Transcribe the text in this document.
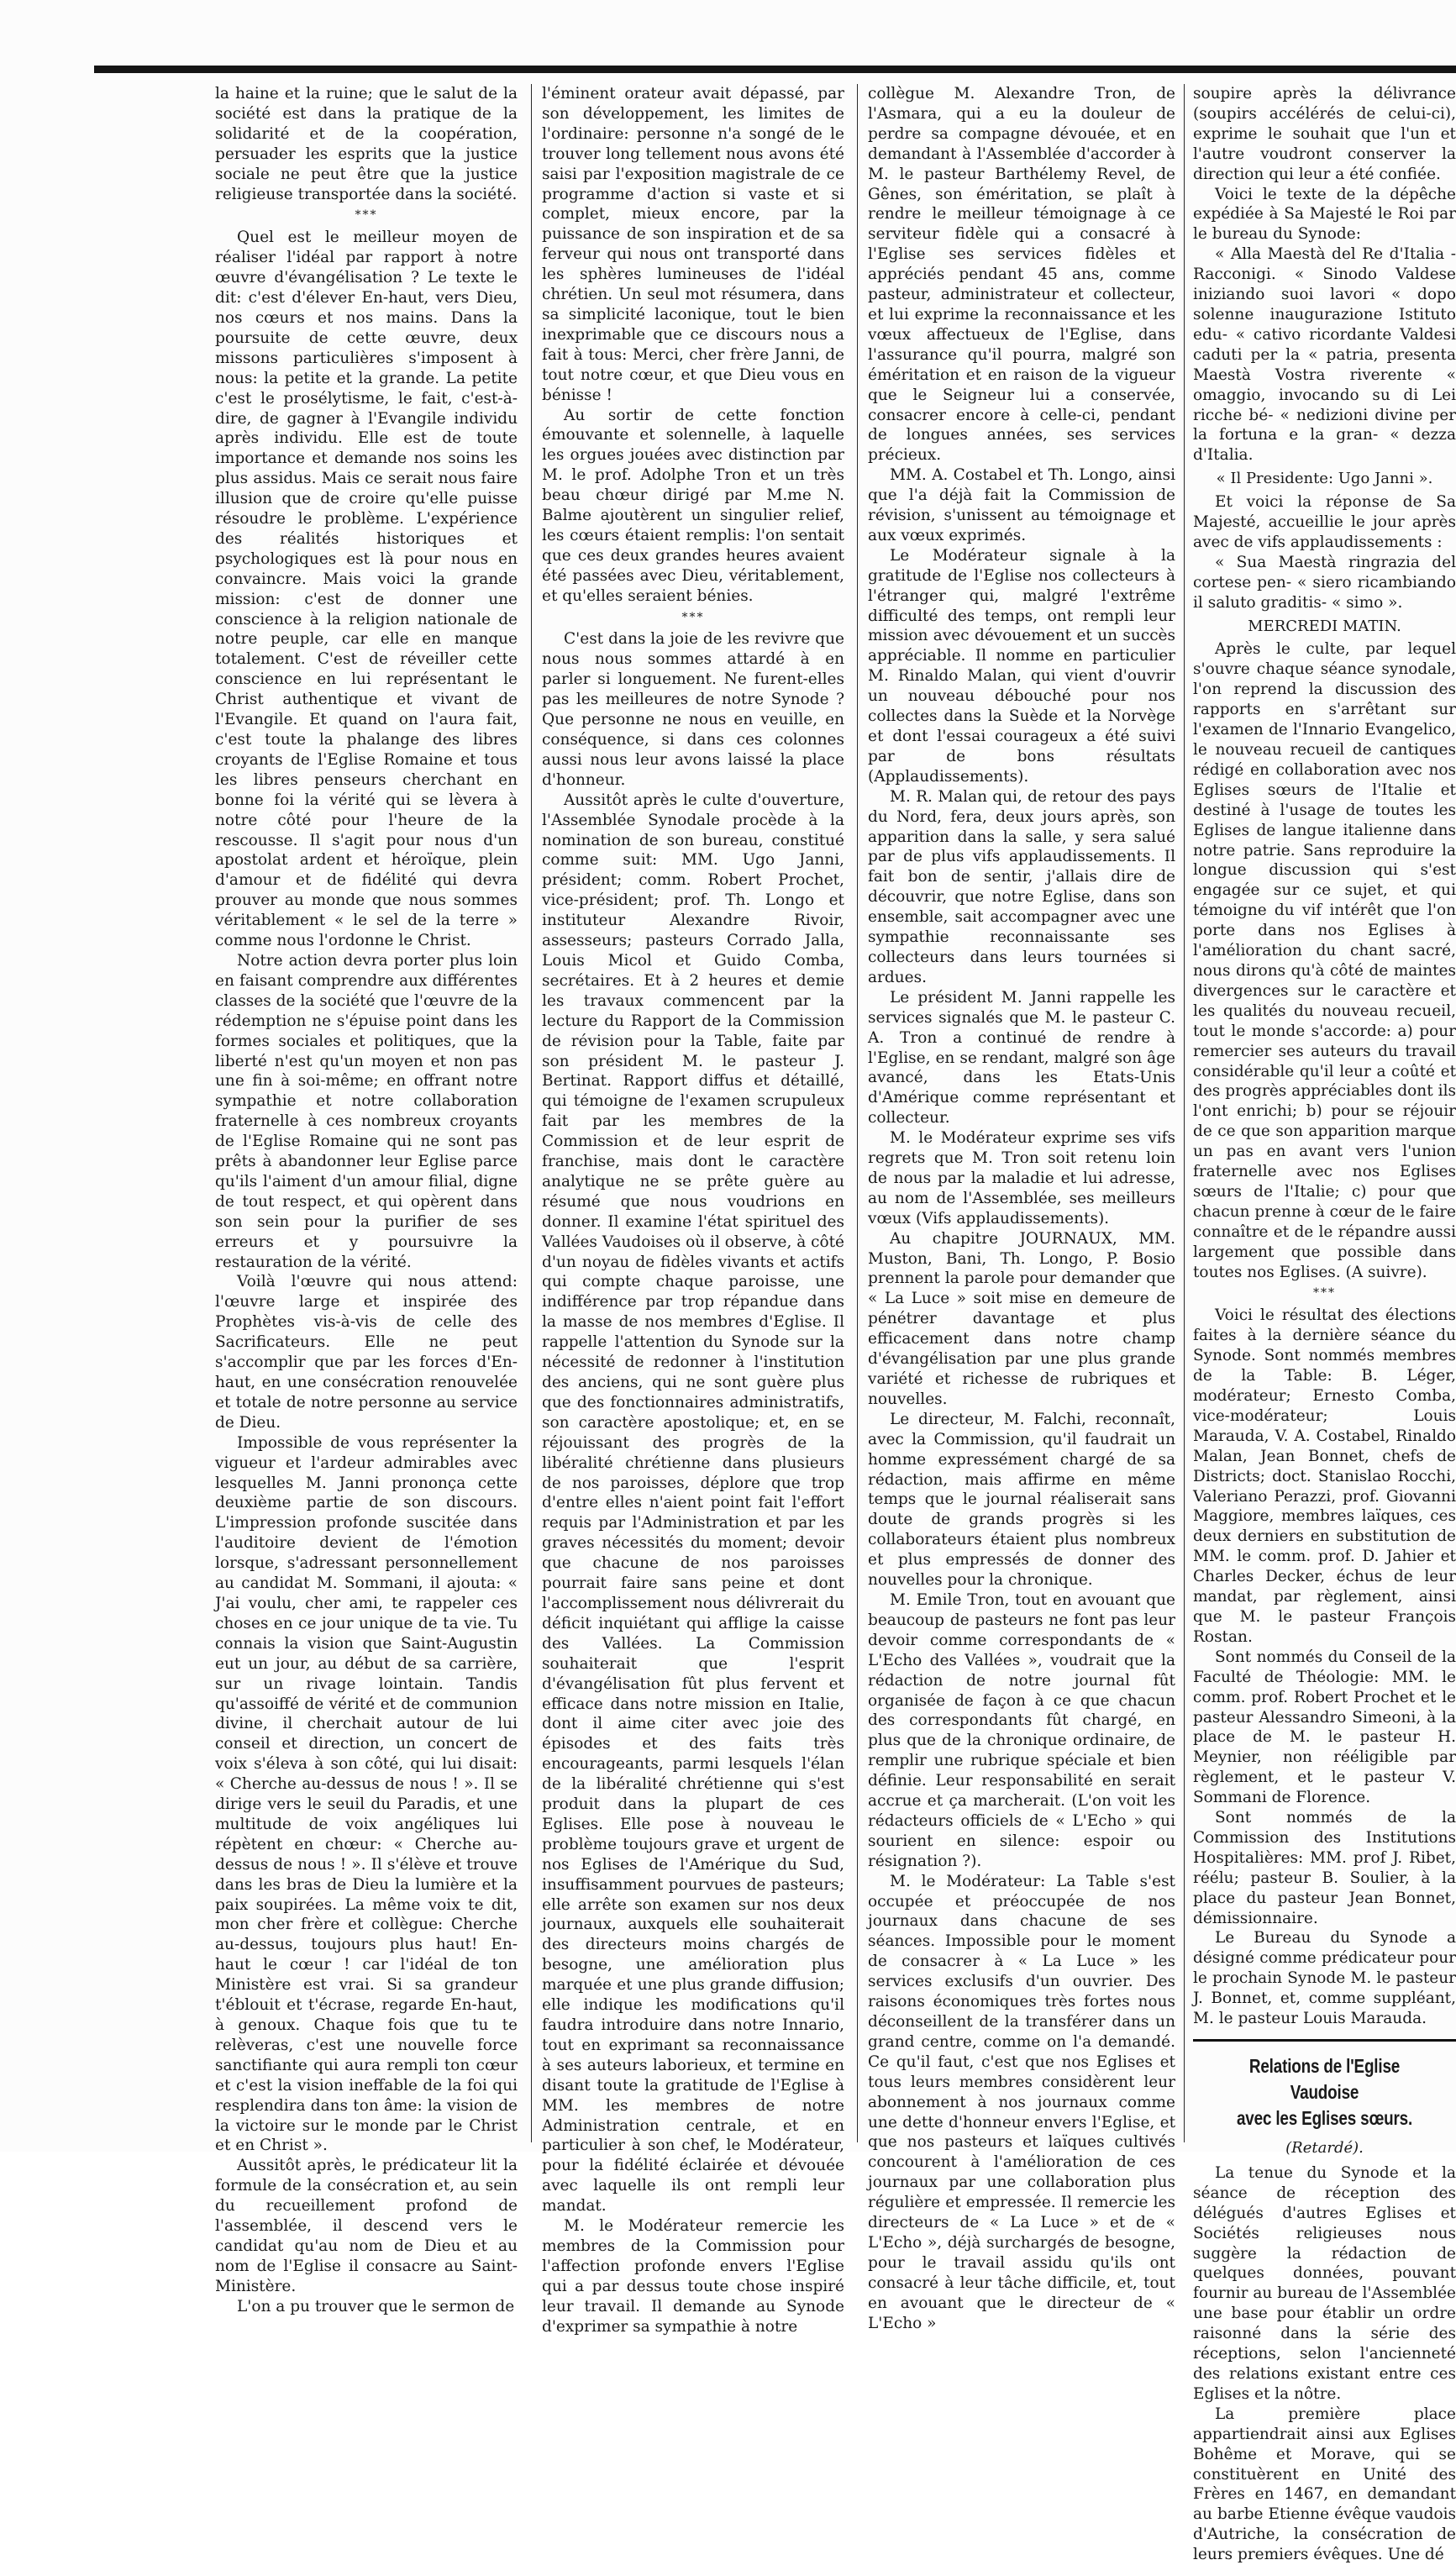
la haine et la ruine; que le salut de la société est dans la pratique de la solidarité et de la coopération, persuader les esprits que la justice sociale ne peut être que la justice religieuse transportée dans la société.

***

Quel est le meilleur moyen de réaliser l'idéal par rapport à notre œuvre d'évangélisation ? Le texte le dit: c'est d'élever En-haut, vers Dieu, nos cœurs et nos mains. Dans la poursuite de cette œuvre, deux missons particulières s'imposent à nous: la petite et la grande. La petite c'est le prosélytisme, le fait, c'est-à-dire, de gagner à l'Evangile individu après individu. Elle est de toute importance et demande nos soins les plus assidus. Mais ce serait nous faire illusion que de croire qu'elle puisse résoudre le problème. L'expérience des réalités historiques et psychologiques est là pour nous en convaincre. Mais voici la grande mission: c'est de donner une conscience à la religion nationale de notre peuple, car elle en manque totalement. C'est de réveiller cette conscience en lui représentant le Christ authentique et vivant de l'Evangile. Et quand on l'aura fait, c'est toute la phalange des libres croyants de l'Eglise Romaine et tous les libres penseurs cherchant en bonne foi la vérité qui se lèvera à notre côté pour l'heure de la rescousse. Il s'agit pour nous d'un apostolat ardent et héroïque, plein d'amour et de fidélité qui devra prouver au monde que nous sommes véritablement « le sel de la terre » comme nous l'ordonne le Christ.

Notre action devra porter plus loin en faisant comprendre aux différentes classes de la société que l'œuvre de la rédemption ne s'épuise point dans les formes sociales et politiques, que la liberté n'est qu'un moyen et non pas une fin à soi-même; en offrant notre sympathie et notre collaboration fraternelle à ces nombreux croyants de l'Eglise Romaine qui ne sont pas prêts à abandonner leur Eglise parce qu'ils l'aiment d'un amour filial, digne de tout respect, et qui opèrent dans son sein pour la purifier de ses erreurs et y poursuivre la restauration de la vérité.

Voilà l'œuvre qui nous attend: l'œuvre large et inspirée des Prophètes vis-à-vis de celle des Sacrificateurs. Elle ne peut s'accomplir que par les forces d'En-haut, en une consécration renouvelée et totale de notre personne au service de Dieu.

Impossible de vous représenter la vigueur et l'ardeur admirables avec lesquelles M. Janni prononça cette deuxième partie de son discours. L'impression profonde suscitée dans l'auditoire devient de l'émotion lorsque, s'adressant personnellement au candidat M. Sommani, il ajouta: « J'ai voulu, cher ami, te rappeler ces choses en ce jour unique de ta vie. Tu connais la vision que Saint-Augustin eut un jour, au début de sa carrière, sur un rivage lointain. Tandis qu'assoiffé de vérité et de communion divine, il cherchait autour de lui conseil et direction, un concert de voix s'éleva à son côté, qui lui disait: « Cherche au-dessus de nous ! ». Il se dirige vers le seuil du Paradis, et une multitude de voix angéliques lui répètent en chœur: « Cherche au-dessus de nous ! ». Il s'élève et trouve dans les bras de Dieu la lumière et la paix soupirées. La même voix te dit, mon cher frère et collègue: Cherche au-dessus, toujours plus haut! En-haut le cœur ! car l'idéal de ton Ministère est vrai. Si sa grandeur t'éblouit et t'écrase, regarde En-haut, à genoux. Chaque fois que tu te relèveras, c'est une nouvelle force sanctifiante qui aura rempli ton cœur et c'est la vision ineffable de la foi qui resplendira dans ton âme: la vision de la victoire sur le monde par le Christ et en Christ ».

Aussitôt après, le prédicateur lit la formule de la consécration et, au sein du recueillement profond de l'assemblée, il descend vers le candidat qu'au nom de Dieu et au nom de l'Eglise il consacre au Saint-Ministère.

L'on a pu trouver que le sermon de

l'éminent orateur avait dépassé, par son développement, les limites de l'ordinaire: personne n'a songé de le trouver long tellement nous avons été saisi par l'exposition magistrale de ce programme d'action si vaste et si complet, mieux encore, par la puissance de son inspiration et de sa ferveur qui nous ont transporté dans les sphères lumineuses de l'idéal chrétien. Un seul mot résumera, dans sa simplicité laconique, tout le bien inexprimable que ce discours nous a fait à tous: Merci, cher frère Janni, de tout notre cœur, et que Dieu vous en bénisse !

Au sortir de cette fonction émouvante et solennelle, à laquelle les orgues jouées avec distinction par M. le prof. Adolphe Tron et un très beau chœur dirigé par M.me N. Balme ajoutèrent un singulier relief, les cœurs étaient remplis: l'on sentait que ces deux grandes heures avaient été passées avec Dieu, véritablement, et qu'elles seraient bénies.

***

C'est dans la joie de les revivre que nous nous sommes attardé à en parler si longuement. Ne furent-elles pas les meilleures de notre Synode ? Que personne ne nous en veuille, en conséquence, si dans ces colonnes aussi nous leur avons laissé la place d'honneur.

Aussitôt après le culte d'ouverture, l'Assemblée Synodale procède à la nomination de son bureau, constitué comme suit: MM. Ugo Janni, président; comm. Robert Prochet, vice-président; prof. Th. Longo et instituteur Alexandre Rivoir, assesseurs; pasteurs Corrado Jalla, Louis Micol et Guido Comba, secrétaires. Et à 2 heures et demie les travaux commencent par la lecture du Rapport de la Commission de révision pour la Table, faite par son président M. le pasteur J. Bertinat. Rapport diffus et détaillé, qui témoigne de l'examen scrupuleux fait par les membres de la Commission et de leur esprit de franchise, mais dont le caractère analytique ne se prête guère au résumé que nous voudrions en donner. Il examine l'état spirituel des Vallées Vaudoises où il observe, à côté d'un noyau de fidèles vivants et actifs qui compte chaque paroisse, une indifférence par trop répandue dans la masse de nos membres d'Eglise. Il rappelle l'attention du Synode sur la nécessité de redonner à l'institution des anciens, qui ne sont guère plus que des fonctionnaires administratifs, son caractère apostolique; et, en se réjouissant des progrès de la libéralité chrétienne dans plusieurs de nos paroisses, déplore que trop d'entre elles n'aient point fait l'effort requis par l'Administration et par les graves nécessités du moment; devoir que chacune de nos paroisses pourrait faire sans peine et dont l'accomplissement nous délivrerait du déficit inquiétant qui afflige la caisse des Vallées. La Commission souhaiterait que l'esprit d'évangélisation fût plus fervent et efficace dans notre mission en Italie, dont il aime citer avec joie des épisodes et des faits très encourageants, parmi lesquels l'élan de la libéralité chrétienne qui s'est produit dans la plupart de ces Eglises. Elle pose à nouveau le problème toujours grave et urgent de nos Eglises de l'Amérique du Sud, insuffisamment pourvues de pasteurs; elle arrête son examen sur nos deux journaux, auxquels elle souhaiterait des directeurs moins chargés de besogne, une amélioration plus marquée et une plus grande diffusion; elle indique les modifications qu'il faudra introduire dans notre Innario, tout en exprimant sa reconnaissance à ses auteurs laborieux, et termine en disant toute la gratitude de l'Eglise à MM. les membres de notre Administration centrale, et en particulier à son chef, le Modérateur, pour la fidélité éclairée et dévouée avec laquelle ils ont rempli leur mandat.

M. le Modérateur remercie les membres de la Commission pour l'affection profonde envers l'Eglise qui a par dessus toute chose inspiré leur travail. Il demande au Synode d'exprimer sa sympathie à notre

collègue M. Alexandre Tron, de l'Asmara, qui a eu la douleur de perdre sa compagne dévouée, et en demandant à l'Assemblée d'accorder à M. le pasteur Barthélemy Revel, de Gênes, son éméritation, se plaît à rendre le meilleur témoignage à ce serviteur fidèle qui a consacré à l'Eglise ses services fidèles et appréciés pendant 45 ans, comme pasteur, administrateur et collecteur, et lui exprime la reconnaissance et les vœux affectueux de l'Eglise, dans l'assurance qu'il pourra, malgré son éméritation et en raison de la vigueur que le Seigneur lui a conservée, consacrer encore à celle-ci, pendant de longues années, ses services précieux.

MM. A. Costabel et Th. Longo, ainsi que l'a déjà fait la Commission de révision, s'unissent au témoignage et aux vœux exprimés.

Le Modérateur signale à la gratitude de l'Eglise nos collecteurs à l'étranger qui, malgré l'extrême difficulté des temps, ont rempli leur mission avec dévouement et un succès appréciable. Il nomme en particulier M. Rinaldo Malan, qui vient d'ouvrir un nouveau débouché pour nos collectes dans la Suède et la Norvège et dont l'essai courageux a été suivi par de bons résultats (Applaudissements).

M. R. Malan qui, de retour des pays du Nord, fera, deux jours après, son apparition dans la salle, y sera salué par de plus vifs applaudissements. Il fait bon de sentir, j'allais dire de découvrir, que notre Eglise, dans son ensemble, sait accompagner avec une sympathie reconnaissante ses collecteurs dans leurs tournées si ardues.

Le président M. Janni rappelle les services signalés que M. le pasteur C. A. Tron a continué de rendre à l'Eglise, en se rendant, malgré son âge avancé, dans les Etats-Unis d'Amérique comme représentant et collecteur.

M. le Modérateur exprime ses vifs regrets que M. Tron soit retenu loin de nous par la maladie et lui adresse, au nom de l'Assemblée, ses meilleurs vœux (Vifs applaudissements).

Au chapitre JOURNAUX, MM. Muston, Bani, Th. Longo, P. Bosio prennent la parole pour demander que « La Luce » soit mise en demeure de pénétrer davantage et plus efficacement dans notre champ d'évangélisation par une plus grande variété et richesse de rubriques et nouvelles.

Le directeur, M. Falchi, reconnaît, avec la Commission, qu'il faudrait un homme expressément chargé de sa rédaction, mais affirme en même temps que le journal réaliserait sans doute de grands progrès si les collaborateurs étaient plus nombreux et plus empressés de donner des nouvelles pour la chronique.

M. Emile Tron, tout en avouant que beaucoup de pasteurs ne font pas leur devoir comme correspondants de « L'Echo des Vallées », voudrait que la rédaction de notre journal fût organisée de façon à ce que chacun des correspondants fût chargé, en plus que de la chronique ordinaire, de remplir une rubrique spéciale et bien définie. Leur responsabilité en serait accrue et ça marcherait. (L'on voit les rédacteurs officiels de « L'Echo » qui sourient en silence: espoir ou résignation ?).

M. le Modérateur: La Table s'est occupée et préoccupée de nos journaux dans chacune de ses séances. Impossible pour le moment de consacrer à « La Luce » les services exclusifs d'un ouvrier. Des raisons économiques très fortes nous déconseillent de la transférer dans un grand centre, comme on l'a demandé. Ce qu'il faut, c'est que nos Eglises et tous leurs membres considèrent leur abonnement à nos journaux comme une dette d'honneur envers l'Eglise, et que nos pasteurs et laïques cultivés concourent à l'amélioration de ces journaux par une collaboration plus régulière et empressée. Il remercie les directeurs de « La Luce » et de « L'Echo », déjà surchargés de besogne, pour le travail assidu qu'ils ont consacré à leur tâche difficile, et, tout en avouant que le directeur de « L'Echo »

soupire après la délivrance (soupirs accélérés de celui-ci), exprime le souhait que l'un et l'autre voudront conserver la direction qui leur a été confiée.

Voici le texte de la dépêche expédiée à Sa Majesté le Roi par le bureau du Synode:

« Alla Maestà del Re d'Italia - Racconigi. « Sinodo Valdese iniziando suoi lavori « dopo solenne inaugurazione Istituto edu- « cativo ricordante Valdesi caduti per la « patria, presenta Maestà Vostra riverente « omaggio, invocando su di Lei ricche bé- « nedizioni divine per la fortuna e la gran- « dezza d'Italia.

« Il Presidente: Ugo Janni ».

Et voici la réponse de Sa Majesté, accueillie le jour après avec de vifs applaudissements :

« Sua Maestà ringrazia del cortese pen- « siero ricambiando il saluto graditis- « simo ».

MERCREDI MATIN.

Après le culte, par lequel s'ouvre chaque séance synodale, l'on reprend la discussion des rapports en s'arrêtant sur l'examen de l'Innario Evangelico, le nouveau recueil de cantiques rédigé en collaboration avec nos Eglises sœurs de l'Italie et destiné à l'usage de toutes les Eglises de langue italienne dans notre patrie. Sans reproduire la longue discussion qui s'est engagée sur ce sujet, et qui témoigne du vif intérêt que l'on porte dans nos Eglises à l'amélioration du chant sacré, nous dirons qu'à côté de maintes divergences sur le caractère et les qualités du nouveau recueil, tout le monde s'accorde: a) pour remercier ses auteurs du travail considérable qu'il leur a coûté et des progrès appréciables dont ils l'ont enrichi; b) pour se réjouir de ce que son apparition marque un pas en avant vers l'union fraternelle avec nos Eglises sœurs de l'Italie; c) pour que chacun prenne à cœur de le faire connaître et de le répandre aussi largement que possible dans toutes nos Eglises. (A suivre).

***

Voici le résultat des élections faites à la dernière séance du Synode. Sont nommés membres de la Table: B. Léger, modérateur; Ernesto Comba, vice-modérateur; Louis Marauda, V. A. Costabel, Rinaldo Malan, Jean Bonnet, chefs de Districts; doct. Stanislao Rocchi, Valeriano Perazzi, prof. Giovanni Maggiore, membres laïques, ces deux derniers en substitution de MM. le comm. prof. D. Jahier et Charles Decker, échus de leur mandat, par règlement, ainsi que M. le pasteur François Rostan.

Sont nommés du Conseil de la Faculté de Théologie: MM. le comm. prof. Robert Prochet et le pasteur Alessandro Simeoni, à la place de M. le pasteur H. Meynier, non rééligible par règlement, et le pasteur V. Sommani de Florence.

Sont nommés de la Commission des Institutions Hospitalières: MM. prof J. Ribet, réélu; pasteur B. Soulier, à la place du pasteur Jean Bonnet, démissionnaire.

Le Bureau du Synode a désigné comme prédicateur pour le prochain Synode M. le pasteur J. Bonnet, et, comme suppléant, M. le pasteur Louis Marauda.

Relations de l'Eglise Vaudoise
avec les Eglises sœurs.
(Retardé).

La tenue du Synode et la séance de réception des délégués d'autres Eglises et Sociétés religieuses nous suggère la rédaction de quelques données, pouvant fournir au bureau de l'Assemblée une base pour établir un ordre raisonné dans la série des réceptions, selon l'ancienneté des relations existant entre ces Eglises et la nôtre.

La première place appartiendrait ainsi aux Eglises Bohême et Morave, qui se constituèrent en Unité des Frères en 1467, en demandant au barbe Etienne évêque vaudois d'Autriche, la consécration de leurs premiers évêques. Une dé
